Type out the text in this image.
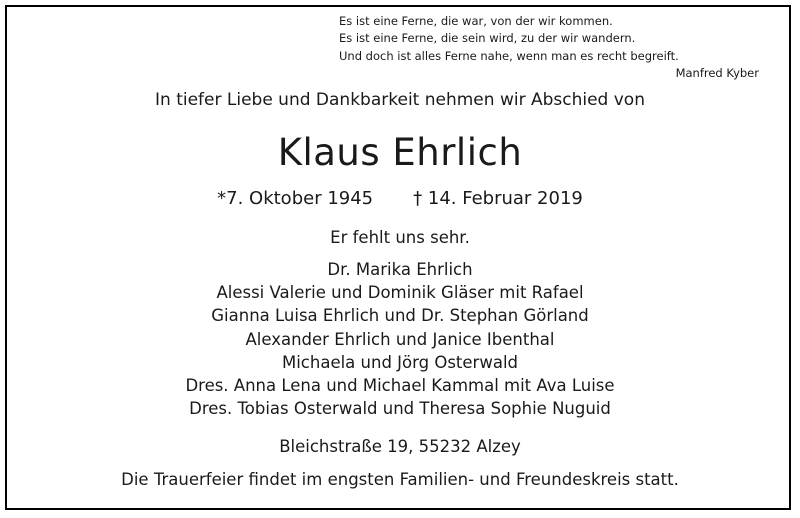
Es ist eine Ferne, die war, von der wir kommen.
Es ist eine Ferne, die sein wird, zu der wir wandern.
Und doch ist alles Ferne nahe, wenn man es recht begreift.
Manfred Kyber
In tiefer Liebe und Dankbarkeit nehmen wir Abschied von
Klaus Ehrlich
*7. Oktober 1945 † 14. Februar 2019
Er fehlt uns sehr.
Dr. Marika Ehrlich
Alessi Valerie und Dominik Gläser mit Rafael
Gianna Luisa Ehrlich und Dr. Stephan Görland
Alexander Ehrlich und Janice Ibenthal
Michaela und Jörg Osterwald
Dres. Anna Lena und Michael Kammal mit Ava Luise
Dres. Tobias Osterwald und Theresa Sophie Nuguid
Bleichstraße 19, 55232 Alzey
Die Trauerfeier findet im engsten Familien- und Freundeskreis statt.
